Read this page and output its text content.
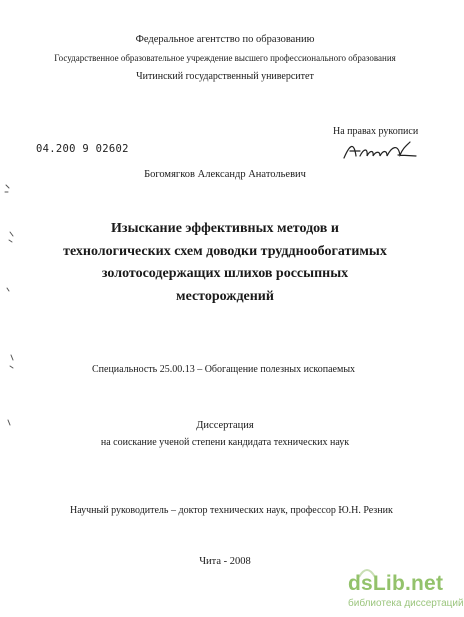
Федеральное агентство по образованию
Государственное образовательное учреждение высшего профессионального образования
Читинский государственный университет
На правах рукописи
04.200 9 02602
Богомягков Александр Анатольевич
Изыскание эффективных методов и
технологических схем доводки трудднообогатимых
золотосодержащих шлихов россыпных
месторождений
Специальность 25.00.13 – Обогащение полезных ископаемых
Диссертация
на соискание ученой степени кандидата технических наук
Научный руководитель – доктор технических наук, профессор Ю.Н. Резник
Чита - 2008
dsLib.net
библиотека диссертаций
